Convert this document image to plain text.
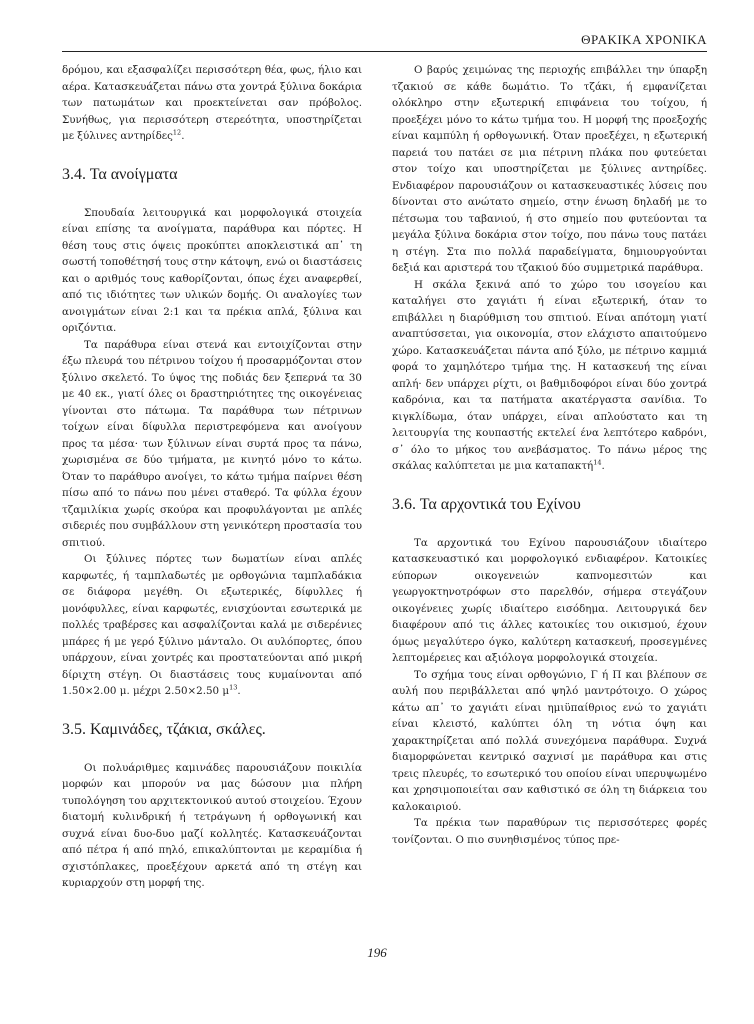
ΘΡΑΚΙΚΑ ΧΡΟΝΙΚΑ

δρόμου, και εξασφαλίζει περισσότερη θέα, φως, ήλιο και αέρα. Κατασκευάζεται πάνω στα χοντρά ξύλινα δοκάρια των πατωμάτων και προεκτείνεται σαν πρόβολος. Συνήθως, για περισσότερη στερεότητα, υποστηρίζεται με ξύλινες αντηρίδες$^{12}$.

3.4. Τα ανοίγματα

Σπουδαία λειτουργικά και μορφολογικά στοιχεία είναι επίσης τα ανοίγματα, παράθυρα και πόρτες. Η θέση τους στις όψεις προκύπτει αποκλειστικά απ᾽ τη σωστή τοποθέτησή τους στην κάτοψη, ενώ οι διαστάσεις και ο αριθμός τους καθορίζονται, όπως έχει αναφερθεί, από τις ιδιότητες των υλικών δομής. Οι αναλογίες των ανοιγμάτων είναι 2:1 και τα πρέκια απλά, ξύλινα και οριζόντια.

Τα παράθυρα είναι στενά και εντοιχίζονται στην έξω πλευρά του πέτρινου τοίχου ή προσαρμόζονται στον ξύλινο σκελετό. Το ύψος της ποδιάς δεν ξεπερνά τα 30 με 40 εκ., γιατί όλες οι δραστηριότητες της οικογένειας γίνονται στο πάτωμα. Τα παράθυρα των πέτρινων τοίχων είναι δίφυλλα περιστρεφόμενα και ανοίγουν προς τα μέσα· των ξύλινων είναι συρτά προς τα πάνω, χωρισμένα σε δύο τμήματα, με κινητό μόνο το κάτω. Όταν το παράθυρο ανοίγει, το κάτω τμήμα παίρνει θέση πίσω από το πάνω που μένει σταθερό. Τα φύλλα έχουν τζαμιλίκια χωρίς σκούρα και προφυλάγονται με απλές σιδεριές που συμβάλλουν στη γενικότερη προστασία του σπιτιού.

Οι ξύλινες πόρτες των δωματίων είναι απλές καρφωτές, ή ταμπλαδωτές με ορθογώνια ταμπλαδάκια σε διάφορα μεγέθη. Οι εξωτερικές, δίφυλλες ή μονόφυλλες, είναι καρφωτές, ενισχύονται εσωτερικά με πολλές τραβέρσες και ασφαλίζονται καλά με σιδερένιες μπάρες ή με γερό ξύλινο μάνταλο. Οι αυλόπορτες, όπου υπάρχουν, είναι χοντρές και προστατεύονται από μικρή δίριχτη στέγη. Οι διαστάσεις τους κυμαίνονται από 1.50×2.00 μ. μέχρι 2.50×2.50 $\mu^{13}$.

3.5. Καμινάδες, τζάκια, σκάλες.

Οι πολυάριθμες καμινάδες παρουσιάζουν ποικιλία μορφών και μπορούν να μας δώσουν μια πλήρη τυπολόγηση του αρχιτεκτονικού αυτού στοιχείου. Έχουν διατομή κυλινδρική ή τετράγωνη ή ορθογωνική και συχνά είναι δυο-δυο μαζί κολλητές. Κατασκευάζονται από πέτρα ή από πηλό, επικαλύπτονται με κεραμίδια ή σχιστόπλακες, προεξέχουν αρκετά από τη στέγη και κυριαρχούν στη μορφή της.

Ο βαρύς χειμώνας της περιοχής επιβάλλει την ύπαρξη τζακιού σε κάθε δωμάτιο. Το τζάκι, ή εμφανίζεται ολόκληρο στην εξωτερική επιφάνεια του τοίχου, ή προεξέχει μόνο το κάτω τμήμα του. Η μορφή της προεξοχής είναι καμπύλη ή ορθογωνική. Όταν προεξέχει, η εξωτερική παρειά του πατάει σε μια πέτρινη πλάκα που φυτεύεται στον τοίχο και υποστηρίζεται με ξύλινες αντηρίδες. Ενδιαφέρον παρουσιάζουν οι κατασκευαστικές λύσεις που δίνονται στο ανώτατο σημείο, στην ένωση δηλαδή με το πέτσωμα του ταβανιού, ή στο σημείο που φυτεύονται τα μεγάλα ξύλινα δοκάρια στον τοίχο, που πάνω τους πατάει η στέγη. Στα πιο πολλά παραδείγματα, δημιουργούνται δεξιά και αριστερά του τζακιού δύο συμμετρικά παράθυρα.

Η σκάλα ξεκινά από το χώρο του ισογείου και καταλήγει στο χαγιάτι ή είναι εξωτερική, όταν το επιβάλλει η διαρύθμιση του σπιτιού. Είναι απότομη γιατί αναπτύσσεται, για οικονομία, στον ελάχιστο απαιτούμενο χώρο. Κατασκευάζεται πάντα από ξύλο, με πέτρινο καμμιά φορά το χαμηλότερο τμήμα της. Η κατασκευή της είναι απλή· δεν υπάρχει ρίχτι, οι βαθμιδοφόροι είναι δύο χοντρά καδρόνια, και τα πατήματα ακατέργαστα σανίδια. Το κιγκλίδωμα, όταν υπάρχει, είναι απλούστατο και τη λειτουργία της κουπαστής εκτελεί ένα λεπτότερο καδρόνι, σ᾽ όλο το μήκος του ανεβάσματος. Το πάνω μέρος της σκάλας καλύπτεται με μια καταπακτή$^{14}$.

3.6. Τα αρχοντικά του Εχίνου

Τα αρχοντικά του Εχίνου παρουσιάζουν ιδιαίτερο κατασκευαστικό και μορφολογικό ενδιαφέρον. Κατοικίες εύπορων οικογενειών καπνομεσιτών και γεωργοκτηνοτρόφων στο παρελθόν, σήμερα στεγάζουν οικογένειες χωρίς ιδιαίτερο εισόδημα. Λειτουργικά δεν διαφέρουν από τις άλλες κατοικίες του οικισμού, έχουν όμως μεγαλύτερο όγκο, καλύτερη κατασκευή, προσεγμένες λεπτομέρειες και αξιόλογα μορφολογικά στοιχεία.

Το σχήμα τους είναι ορθογώνιο, Γ ή Π και βλέπουν σε αυλή που περιβάλλεται από ψηλό μαντρότοιχο. Ο χώρος κάτω απ᾽ το χαγιάτι είναι ημιϋπαίθριος ενώ το χαγιάτι είναι κλειστό, καλύπτει όλη τη νότια όψη και χαρακτηρίζεται από πολλά συνεχόμενα παράθυρα. Συχνά διαμορφώνεται κεντρικό σαχνισί με παράθυρα και στις τρεις πλευρές, το εσωτερικό του οποίου είναι υπερυψωμένο και χρησιμοποιείται σαν καθιστικό σε όλη τη διάρκεια του καλοκαιριού.

Τα πρέκια των παραθύρων τις περισσότερες φορές τονίζονται. Ο πιο συνηθισμένος τύπος πρε-

196
